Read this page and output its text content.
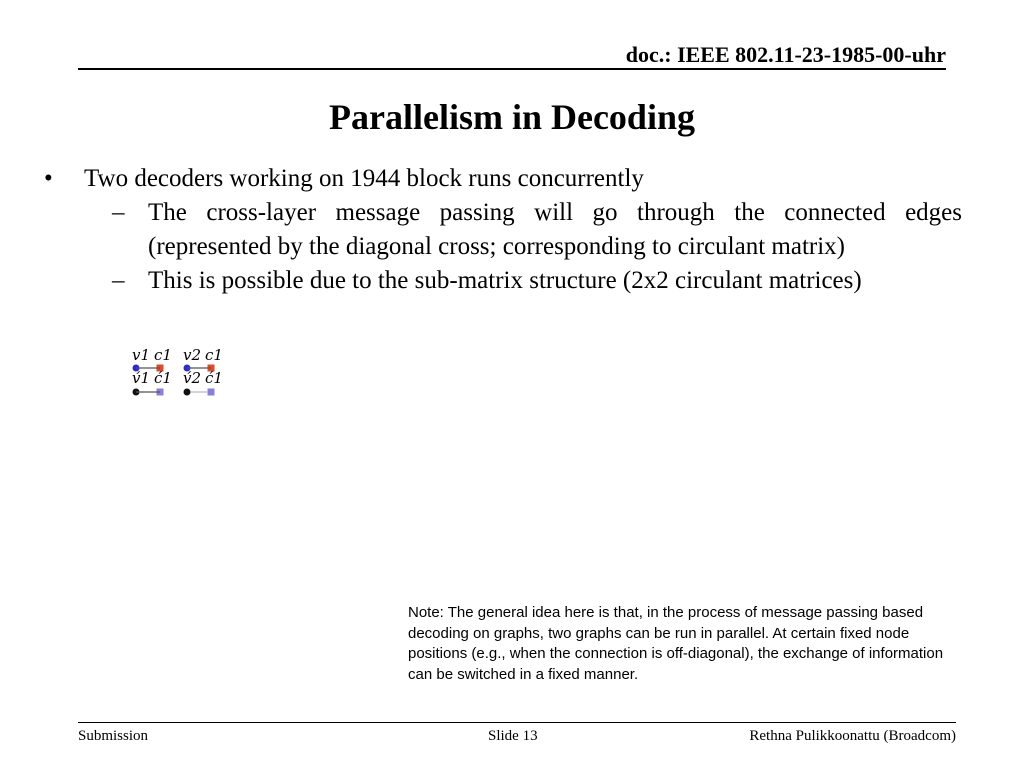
doc.: IEEE 802.11-23-1985-00-uhr
Parallelism in Decoding
• Two decoders working on 1944 block runs concurrently
– The cross-layer message passing will go through the connected edges (represented by the diagonal cross; corresponding to circulant matrix)
– This is possible due to the sub-matrix structure (2x2 circulant matrices)
v1 c1
v́1 ć1
v2 c1
v́2 ć1
Note: The general idea here is that, in the process of message passing based decoding on graphs, two graphs can be run in parallel. At certain fixed node positions (e.g., when the connection is off-diagonal), the exchange of information can be switched in a fixed manner.
Submission	Slide 13	Rethna Pulikkoonattu (Broadcom)
